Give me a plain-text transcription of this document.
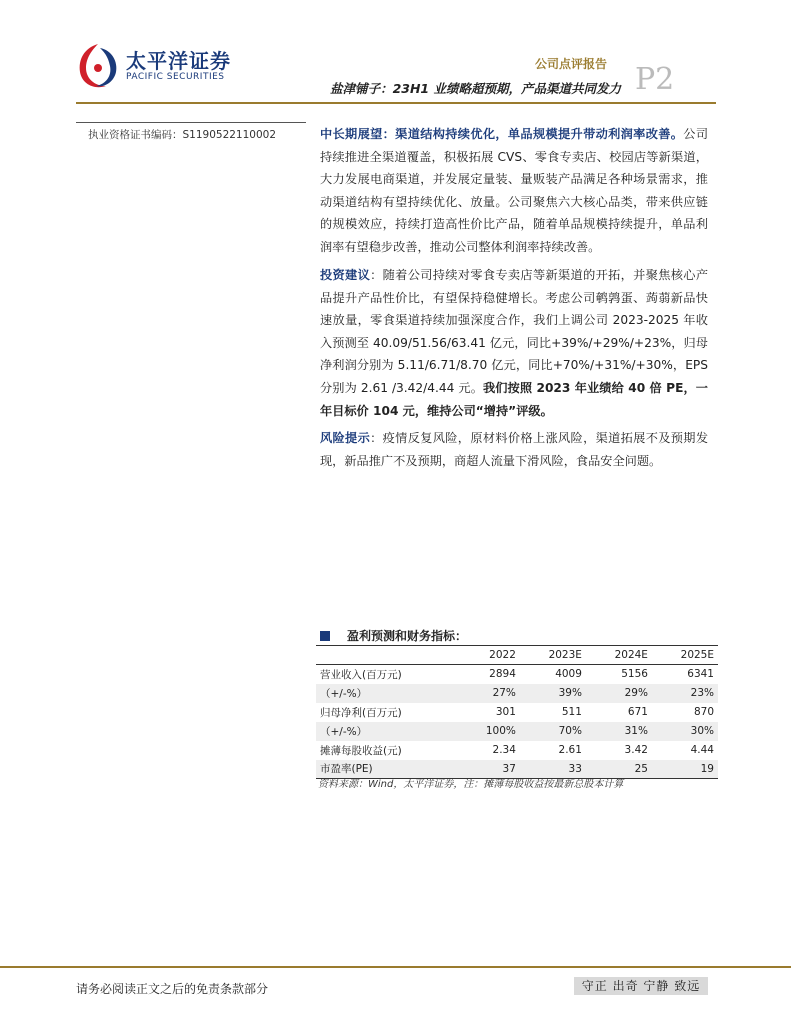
太平洋证券
PACIFIC SECURITIES
公司点评报告
盐津铺子：23H1 业绩略超预期，产品渠道共同发力 P2
执业资格证书编码：S1190522110002	中长期展望：渠道结构持续优化，单品规模提升带动利润率改善。公司持续推进全渠道覆盖，积极拓展 CVS、零食专卖店、校园店等新渠道，大力发展电商渠道，并发展定量装、量贩装产品满足各种场景需求，推动渠道结构有望持续优化、放量。公司聚焦六大核心品类，带来供应链的规模效应，持续打造高性价比产品，随着单品规模持续提升，单品利润率有望稳步改善，推动公司整体利润率持续改善。

投资建议：随着公司持续对零食专卖店等新渠道的开拓，并聚焦核心产品提升产品性价比，有望保持稳健增长。考虑公司鹌鹑蛋、蒟蒻新品快速放量，零食渠道持续加强深度合作，我们上调公司 2023-2025 年收入预测至 40.09/51.56/63.41 亿元，同比+39%/+29%/+23%，归母净利润分别为 5.11/6.71/8.70 亿元，同比+70%/+31%/+30%，EPS 分别为 2.61 /3.42/4.44 元。我们按照 2023 年业绩给 40 倍 PE，一年目标价 104 元，维持公司“增持”评级。

风险提示：疫情反复风险，原材料价格上涨风险，渠道拓展不及预期发现，新品推广不及预期，商超人流量下滑风险，食品安全问题。

盈利预测和财务指标：
	2022	2023E	2024E	2025E
营业收入(百万元)	2894	4009	5156	6341
（+/-%）	27%	39%	29%	23%
归母净利(百万元)	301	511	671	870
（+/-%）	100%	70%	31%	30%
摊薄每股收益(元)	2.34	2.61	3.42	4.44
市盈率(PE)	37	33	25	19
资料来源：Wind，太平洋证券，注：摊薄每股收益按最新总股本计算
请务必阅读正文之后的免责条款部分	守正 出奇 宁静 致远
